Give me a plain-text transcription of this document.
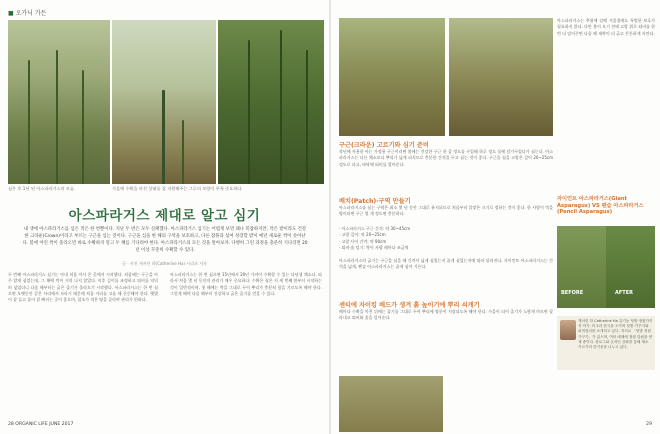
■ 오가닉 가든
심은 후 1년 된 아스파라거스의 모습.	가을에 수확을 마친 상태를 잘 지원해주는 그루의 모양이 무척 중요하다.
아스파라거스 제대로 알고 심기
내 생에 아스파라거스를 심은 적은 한 번뿐이다. 지난 두 번은 모두 실패했다. 아스파라거스 심기는 어렵게 보면 꽤나 복잡하지만, 작은 밭이라도 건강한 크라운(Crown)이라고 부르는 구근을 심는 것이다. 구근을 심을 한 해의 구역을 보호하고, 다른 잡풀과 섞여 성장할 밭이 매년 새로운 싹이 솟아난다. 봄에 어린 싹이 올라오면 바로 수확하지 말고 두 해를 기다려야 한다. 아스파라거스의 모든 것을 알아보자. 다행히 그런 과정을 충분히 기다리면 20년 이상 꾸준히 수확할 수 있다.
글 · 사진 캐서린 하(Catherine Ha) 시리즈 저자
두 번째 아스파라거스 심기는 아내 처음 이사 온 곳에서 시작했다. 처음에는 구근을 아주 얕게 심었는데, 그 해에 싹이 거의 나지 않았다. 이후 깊이를 조정하고 퇴비를 넉넉히 넣었더니 다음 해부터는 굵은 줄기가 올라오기 시작했다. 아스파라거스는 한 번 심으면 오랫동안 같은 자리에서 자라기 때문에 처음 자리를 고를 때 신중해야 한다. 햇볕이 잘 들고 물이 잘 빠지는 곳이 좋으며, 잡초가 적은 땅을 골라야 관리가 편하다.
아스파라거스는 한 번 심으면 15년에서 20년 가까이 수확할 수 있는 다년생 채소다. 따라서 처음 몇 년 동안의 관리가 매우 중요하다. 수확은 심은 지 세 번째 봄부터 시작하는 것이 일반적이며, 첫 해에는 싹을 그대로 두어 뿌리가 충분히 힘을 기르도록 해야 한다. 그렇게 해야 다음 해부터 건강하고 굵은 줄기를 얻을 수 있다.
28 ORGANIC LIFE JUNE 2017
아스파라거스는 추위에 강해 겨울철에도 특별한 보호가 필요하지 않다. 다만 봄이 오기 전에 고랑 위로 퇴비를 한 번 더 덮어주면 다음 해 새싹이 더 굵고 튼튼하게 자란다.
구근(크라운) 고르기와 심기 준비
작년에 사용한 아는 가정용 구근이라면 봄에는 건강한 구근 한 줄 정도를 구입해 하루 정도 물에 담가두었다가 심는다. 아스파라거스는 다른 채소보다 뿌리가 넓게 퍼지므로 충분한 간격을 두고 심는 것이 좋다. 구근을 심을 고랑은 깊이 20~25cm 정도로 파고, 바닥에 퇴비를 깔아준다.
배치(Patch)·구역 만들기
아스파라거스를 심는 구역은 최소 몇 년 동안 그대로 유지되므로 처음부터 알맞은 크기로 정하는 것이 좋다. 한 사람이 먹을 양이라면 구근 열 개 정도면 충분하다.
· 아스파라거스 구근 간격: 약 30~45cm
· 고랑 깊이: 약 20~25cm
· 고랑 사이 간격: 약 90cm
· 퇴비·흙 덮기: 싹이 자랄 때마다 조금씩
자이언트 아스파라거스(Giant Asparagus) VS 펜슬 아스파라거스(Pencil Asparagus)
아스파라거스의 굵기는 구근을 심을 때 간격이 넓게 심었는지 좁게 심었는지에 따라 달라진다. 자이언트 아스파라거스는 간격을 넓게, 펜슬 아스파라거스는 좁게 심어 기른다.
BEFORE	AFTER
캐서린 하 Catherine Ha 유기농 텃밭 정원가이자 작가. 미국과 한국을 오가며 텃밭 가꾸기와 퍼머컬처를 소개하고 있다. 저서로 「텃밭 정원 가꾸기」가 있으며, 여러 매체에 정원 칼럼을 연재 중이다. 블로그와 온라인 강좌를 통해 채소 기르기의 즐거움을 나누고 있다.
센티에 자이킹 배드가 생겨 흙 높이기에 뿌리 쇠게기
해마다 수확을 마친 뒤에는 줄기를 그대로 두어 뿌리에 양분이 저장되도록 해야 한다. 가을이 되어 줄기가 노랗게 마르면 잘라내고 퇴비와 흙을 덮어준다.
29
